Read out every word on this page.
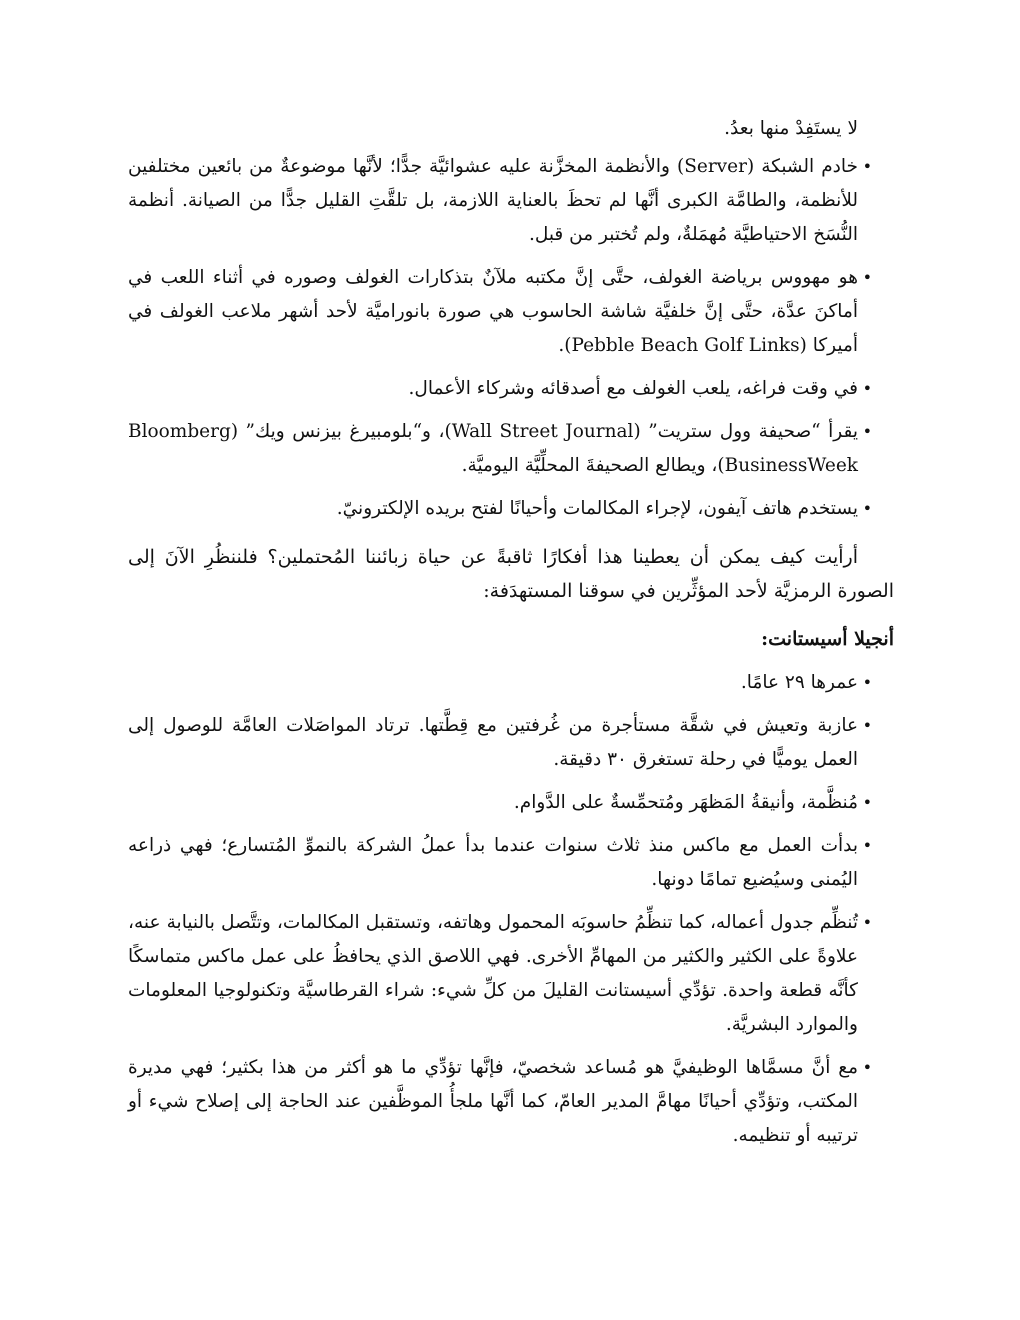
لا يستَفِدْ منها بعدُ.
• خادم الشبكة (Server) والأنظمة المخزَّنة عليه عشوائيَّة جدًّا؛ لأنَّها موضوعةٌ من بائعين مختلفين للأنظمة، والطامَّة الكبرى أنَّها لم تحظَ بالعناية اللازمة، بل تلقَّتِ القليل جدًّا من الصيانة. أنظمة النُّسَخ الاحتياطيَّة مُهمَلةٌ، ولم تُختبر من قبل.
• هو مهووس برياضة الغولف، حتَّى إنَّ مكتبه ملآنٌ بتذكارات الغولف وصوره في أثناء اللعب في أماكنَ عدَّة، حتَّى إنَّ خلفيَّة شاشة الحاسوب هي صورة بانوراميَّة لأحد أشهر ملاعب الغولف في أميركا (Pebble Beach Golf Links).
• في وقت فراغه، يلعب الغولف مع أصدقائه وشركاء الأعمال.
• يقرأ “صحيفة وول ستريت” (Wall Street Journal)، و“بلومبيرغ بيزنس ويك” (Bloomberg BusinessWeek)، ويطالع الصحيفةَ المحلِّيَّة اليوميَّة.
• يستخدم هاتف آيفون، لإجراء المكالمات وأحيانًا لفتح بريده الإلكترونيّ.

أرأيت كيف يمكن أن يعطينا هذا أفكارًا ثاقبةً عن حياة زبائننا المُحتملين؟ فلننظُرِ الآنَ إلى الصورة الرمزيَّة لأحد المؤثِّرين في سوقنا المستهدَفة:

أنجيلا أسيستانت:
• عمرها ٢٩ عامًا.
• عازبة وتعيش في شقَّة مستأجرة من غُرفتين مع قِطَّتها. ترتاد المواصَلات العامَّة للوصول إلى العمل يوميًّا في رحلة تستغرق ٣٠ دقيقة.
• مُنظَّمة، وأنيقةُ المَظهَر ومُتحمِّسةٌ على الدَّوام.
• بدأت العمل مع ماكس منذ ثلاث سنوات عندما بدأ عملُ الشركة بالنموِّ المُتسارع؛ فهي ذراعه اليُمنى وسيُضيع تمامًا دونها.
• تُنظِّم جدول أعماله، كما تنظِّمُ حاسوبَه المحمول وهاتفه، وتستقبل المكالمات، وتتَّصل بالنيابة عنه، علاوةً على الكثير والكثير من المهامِّ الأخرى. فهي اللاصق الذي يحافظُ على عمل ماكس متماسكًا كأنَّه قطعة واحدة. تؤدِّي أسيستانت القليلَ من كلِّ شيء: شراء القرطاسيَّة وتكنولوجيا المعلومات والموارد البشريَّة.
• مع أنَّ مسمَّاها الوظيفيَّ هو مُساعد شخصيّ، فإنَّها تؤدِّي ما هو أكثر من هذا بكثير؛ فهي مديرة المكتب، وتؤدِّي أحيانًا مهامَّ المدير العامّ، كما أنَّها ملجأُ الموظَّفين عند الحاجة إلى إصلاح شيء أو ترتيبه أو تنظيمه.
